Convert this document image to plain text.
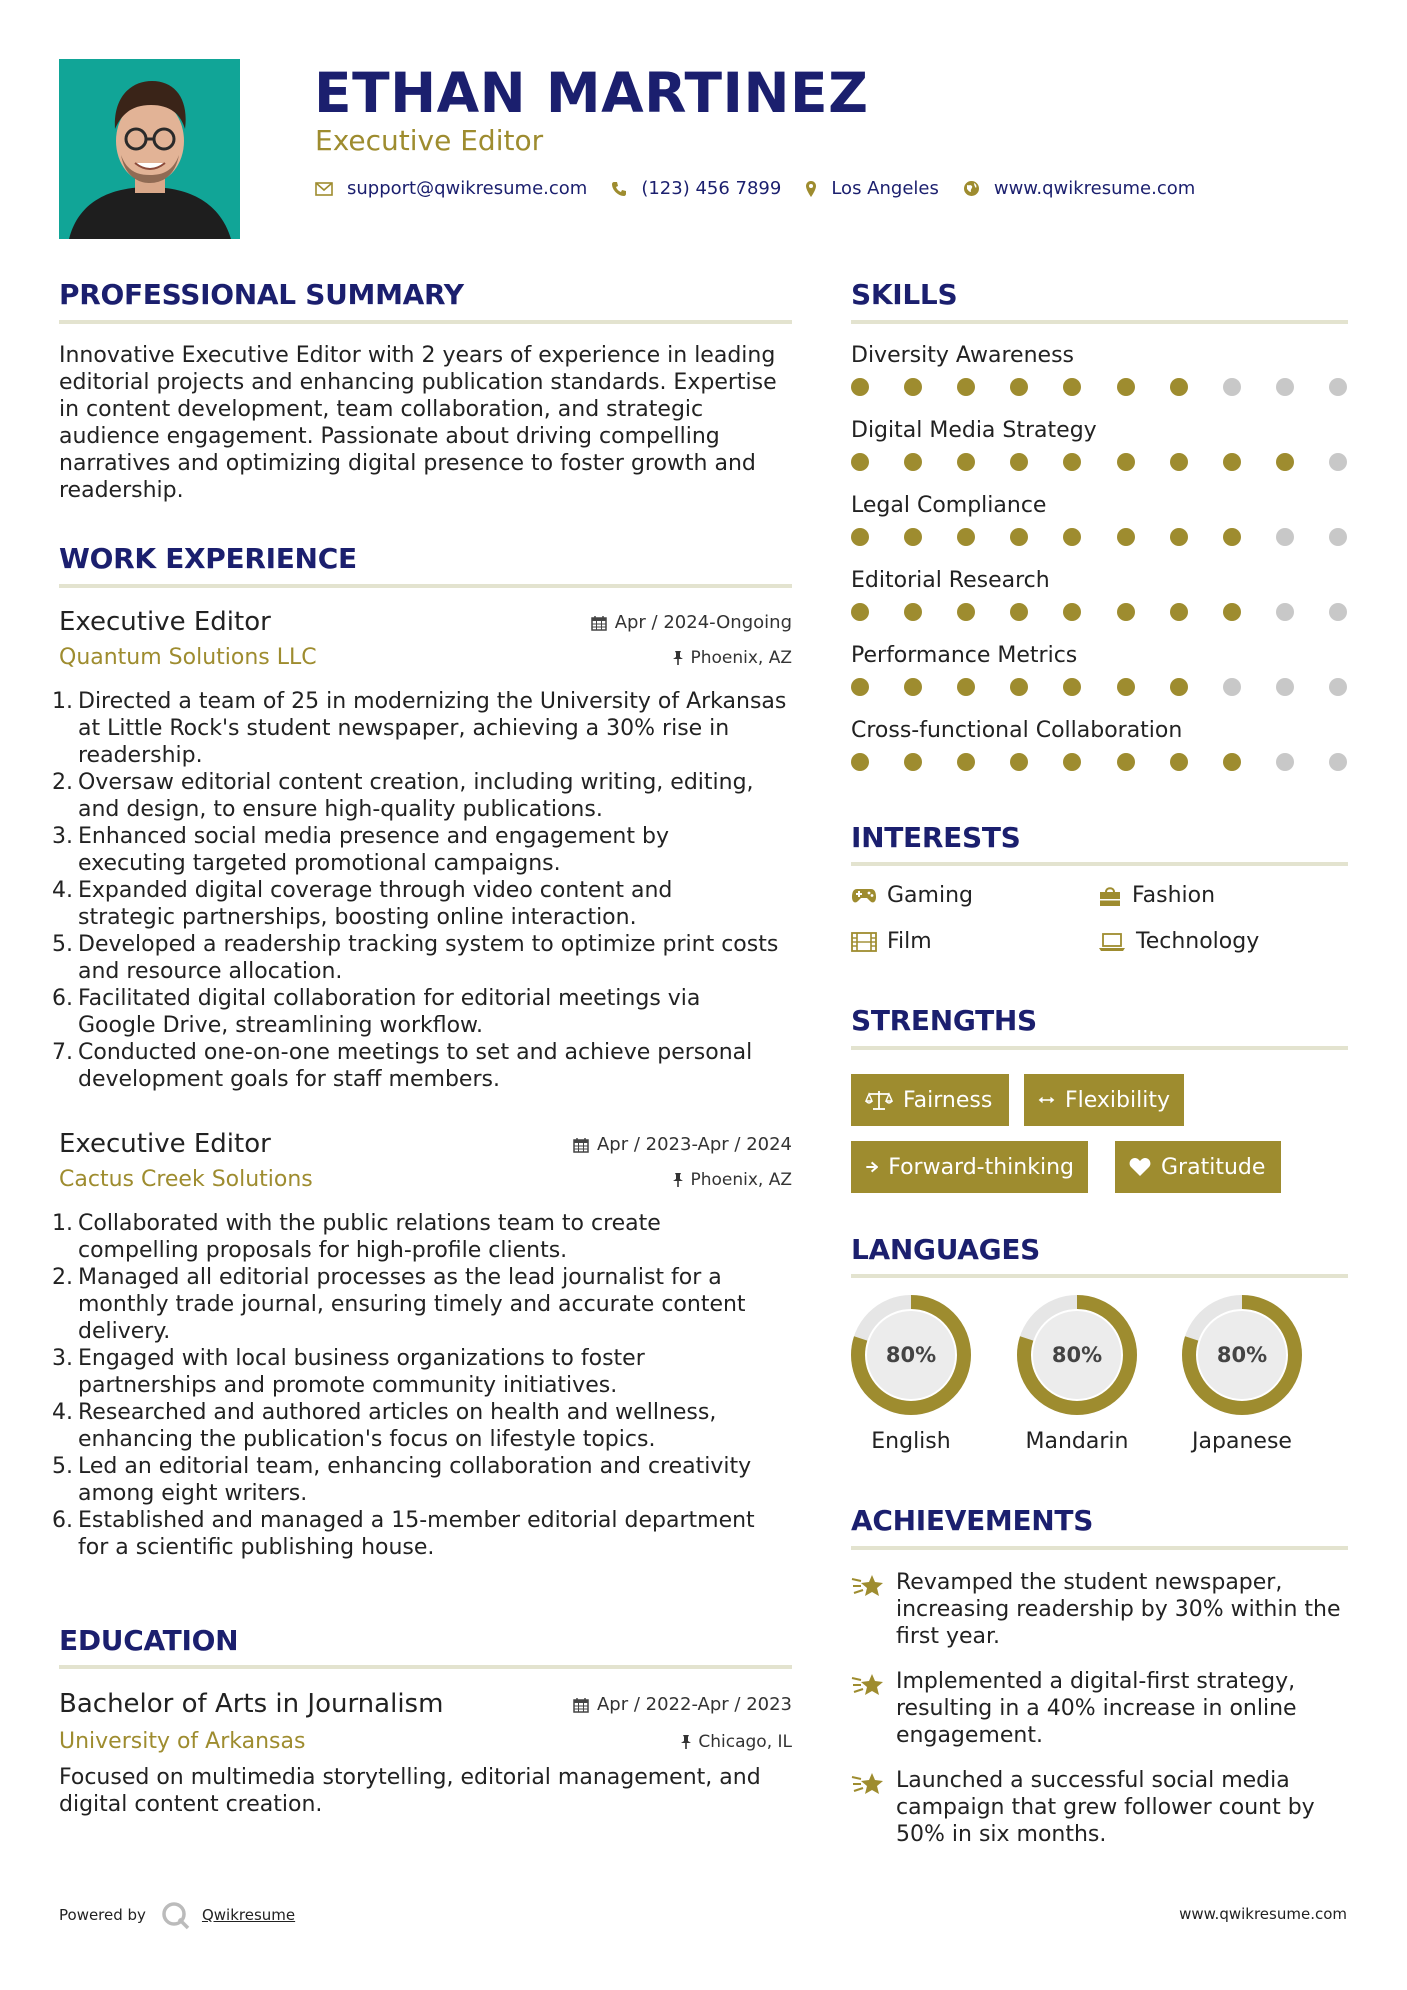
ETHAN MARTINEZ
Executive Editor
support@qwikresume.com	(123) 456 7899	Los Angeles	www.qwikresume.com
PROFESSIONAL SUMMARY
Innovative Executive Editor with 2 years of experience in leading
editorial projects and enhancing publication standards. Expertise
in content development, team collaboration, and strategic
audience engagement. Passionate about driving compelling
narratives and optimizing digital presence to foster growth and
readership.
WORK EXPERIENCE
Executive Editor	Apr / 2024-Ongoing
Quantum Solutions LLC	Phoenix, AZ
1. Directed a team of 25 in modernizing the University of Arkansas
at Little Rock's student newspaper, achieving a 30% rise in
readership.
2. Oversaw editorial content creation, including writing, editing,
and design, to ensure high-quality publications.
3. Enhanced social media presence and engagement by
executing targeted promotional campaigns.
4. Expanded digital coverage through video content and
strategic partnerships, boosting online interaction.
5. Developed a readership tracking system to optimize print costs
and resource allocation.
6. Facilitated digital collaboration for editorial meetings via
Google Drive, streamlining workflow.
7. Conducted one-on-one meetings to set and achieve personal
development goals for staff members.
Executive Editor	Apr / 2023-Apr / 2024
Cactus Creek Solutions	Phoenix, AZ
1. Collaborated with the public relations team to create
compelling proposals for high-profile clients.
2. Managed all editorial processes as the lead journalist for a
monthly trade journal, ensuring timely and accurate content
delivery.
3. Engaged with local business organizations to foster
partnerships and promote community initiatives.
4. Researched and authored articles on health and wellness,
enhancing the publication's focus on lifestyle topics.
5. Led an editorial team, enhancing collaboration and creativity
among eight writers.
6. Established and managed a 15-member editorial department
for a scientific publishing house.
EDUCATION
Bachelor of Arts in Journalism	Apr / 2022-Apr / 2023
University of Arkansas	Chicago, IL
Focused on multimedia storytelling, editorial management, and
digital content creation.
SKILLS
Diversity Awareness
Digital Media Strategy
Legal Compliance
Editorial Research
Performance Metrics
Cross-functional Collaboration
INTERESTS
Gaming	Fashion
Film	Technology
STRENGTHS
Fairness	Flexibility
Forward-thinking	Gratitude
LANGUAGES
80%
English
80%
Mandarin
80%
Japanese
ACHIEVEMENTS
Revamped the student newspaper,
increasing readership by 30% within the
first year.
Implemented a digital-first strategy,
resulting in a 40% increase in online
engagement.
Launched a successful social media
campaign that grew follower count by
50% in six months.
Powered by	Qwikresume	www.qwikresume.com
